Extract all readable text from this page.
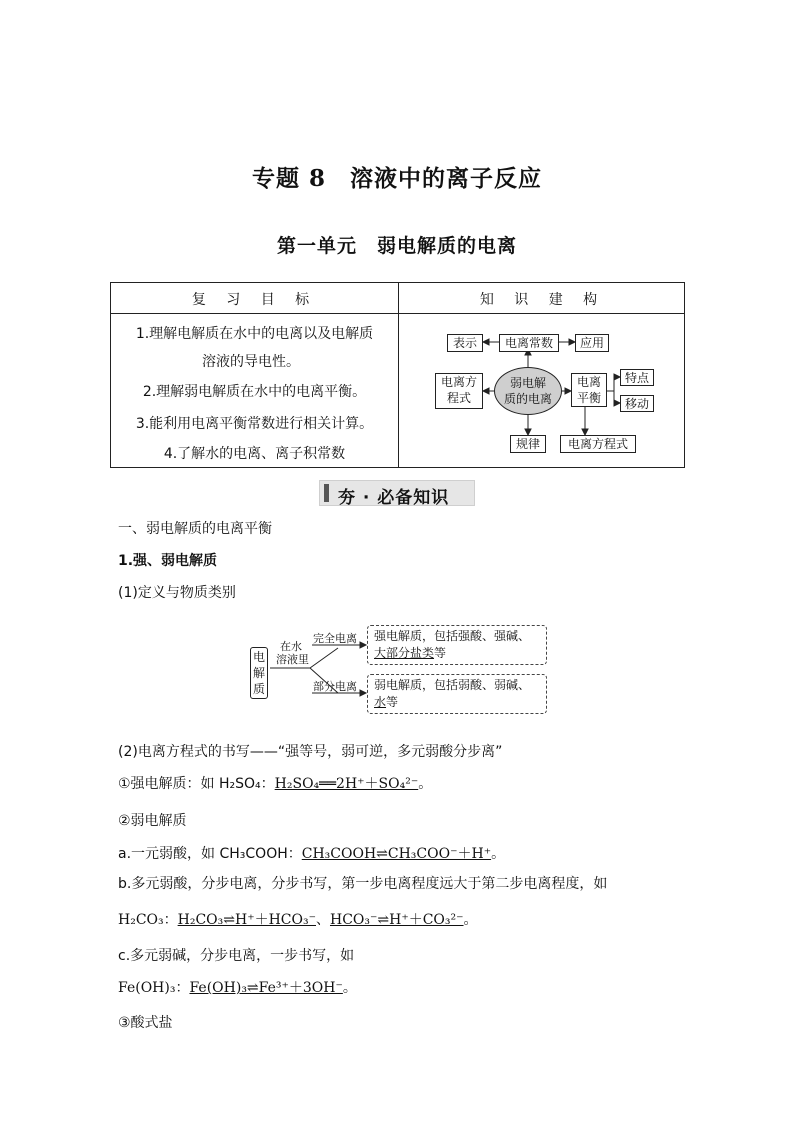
专题 8　溶液中的离子反应
第一单元　弱电解质的电离
复 习 目 标	知 识 建 构
1.理解电解质在水中的电离以及电解质
溶液的导电性。
2.理解弱电解质在水中的电离平衡。
3.能利用电离平衡常数进行相关计算。
4.了解水的电离、离子积常数
表示	电离常数	应用
电离方
程式
弱电解
质的电离
电离
平衡
特点
移动
规律	电离方程式
夯 · 必备知识
一、弱电解质的电离平衡
1.强、弱电解质
(1)定义与物质类别
电
解
质
在水
溶液里
完全电离
部分电离
强电解质，包括强酸、强碱、
大部分盐类等
弱电解质，包括弱酸、弱碱、
水等
(2)电离方程式的书写——“强等号，弱可逆，多元弱酸分步离”
①强电解质：如 H₂SO₄：H₂SO₄══2H⁺＋SO₄²⁻。
②弱电解质
a.一元弱酸，如 CH₃COOH：CH₃COOH⇌CH₃COO⁻＋H⁺。
b.多元弱酸，分步电离，分步书写，第一步电离程度远大于第二步电离程度，如
H₂CO₃：H₂CO₃⇌H⁺＋HCO₃⁻、HCO₃⁻⇌H⁺＋CO₃²⁻。
c.多元弱碱，分步电离，一步书写，如
Fe(OH)₃：Fe(OH)₃⇌Fe³⁺＋3OH⁻。
③酸式盐
